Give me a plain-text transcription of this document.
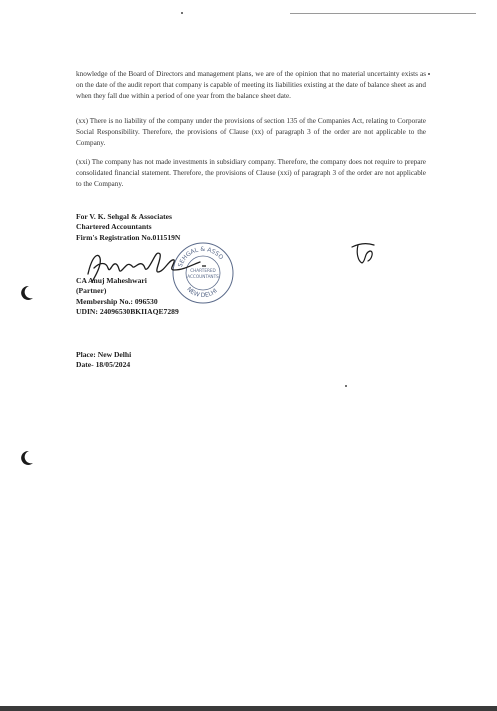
knowledge of the Board of Directors and management plans, we are of the opinion that no material uncertainty exists as on the date of the audit report that company is capable of meeting its liabilities existing at the date of balance sheet as and when they fall due within a period of one year from the balance sheet date.
(xx) There is no liability of the company under the provisions of section 135 of the Companies Act, relating to Corporate Social Responsibility. Therefore, the provisions of Clause (xx) of paragraph 3 of the order are not applicable to the Company.
(xxi) The company has not made investments in subsidiary company. Therefore, the company does not require to prepare consolidated financial statement. Therefore, the provisions of Clause (xxi) of paragraph 3 of the order are not applicable to the Company.
For V. K. Sehgal & Associates
Chartered Accountants
Firm's Registration No.011519N
SEHGAL & ASSO
NEW DELHI
CHARTERED
ACCOUNTANTS
CA Anuj Maheshwari
(Partner)
Membership No.: 096530
UDIN: 24096530BKIIAQE7289
Place: New Delhi
Date- 18/05/2024
